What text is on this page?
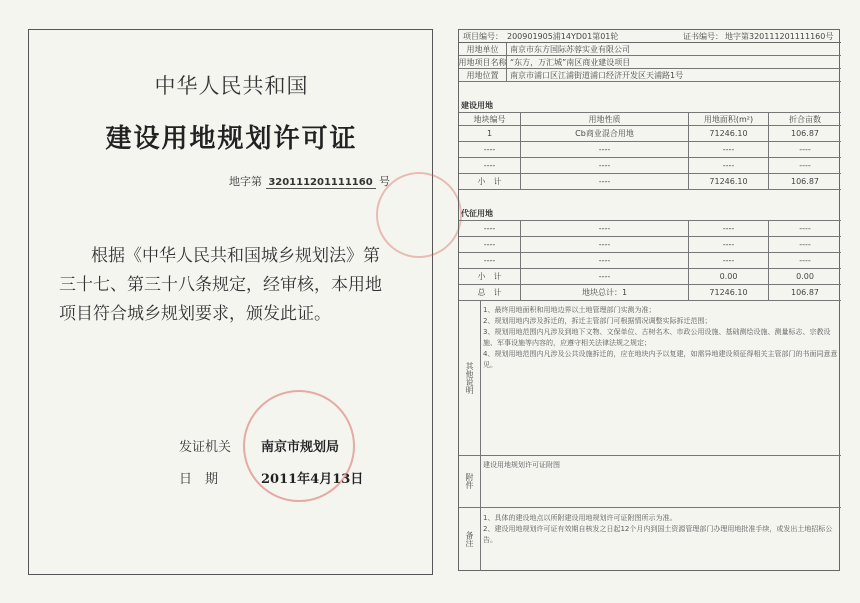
中华人民共和国
建设用地规划许可证
地字第 320111201111160 号
根据《中华人民共和国城乡规划法》第
三十七、第三十八条规定，经审核，本用地
项目符合城乡规划要求，颁发此证。
发证机关 南京市规划局
日　期	2011年4月13日
项目编号： 200901905浦14YD01第01轮	证书编号： 地字第320111201111160号
用地单位	南京市东方国际苏蓉实业有限公司
用地项目名称 “东方，万汇城”南区商业建设项目
用地位置	南京市浦口区江浦街道浦口经济开发区天浦路1号
建设用地
地块编号	用地性质	用地面积(m²)	折合亩数
1	Cb商业混合用地	71246.10	106.87
----	----	----	----
----	----	----	----
小　计	----	71246.10	106.87
代征用地
----	----	----	----
----	----	----	----
----	----	----	----
小　计	----	0.00	0.00
总　计	地块总计：1	71246.10	106.87
其他说明
1、最终用地面积和用地边界以土地管理部门实测为准；
2、规划用地内涉及拆迁的，拆迁主管部门可根据情况调整实际拆迁范围；
3、规划用地范围内凡涉及到地下文物、文保单位、古树名木、市政公用设施、基础测绘设施、测量标志、宗教设施、军事设施等内容的，应遵守相关法律法规之规定；
4、规划用地范围内凡涉及公共设施拆迁的，应在地块内予以复建，如需异地建设须征得相关主管部门的书面同意意见。
附件
建设用地规划许可证附图
备注
1、具体的建设地点以所附建设用地规划许可证附图所示为准。
2、建设用地规划许可证有效期自核发之日起12个月内到国土资源管理部门办理用地批准手续，或发出土地招标公告。
